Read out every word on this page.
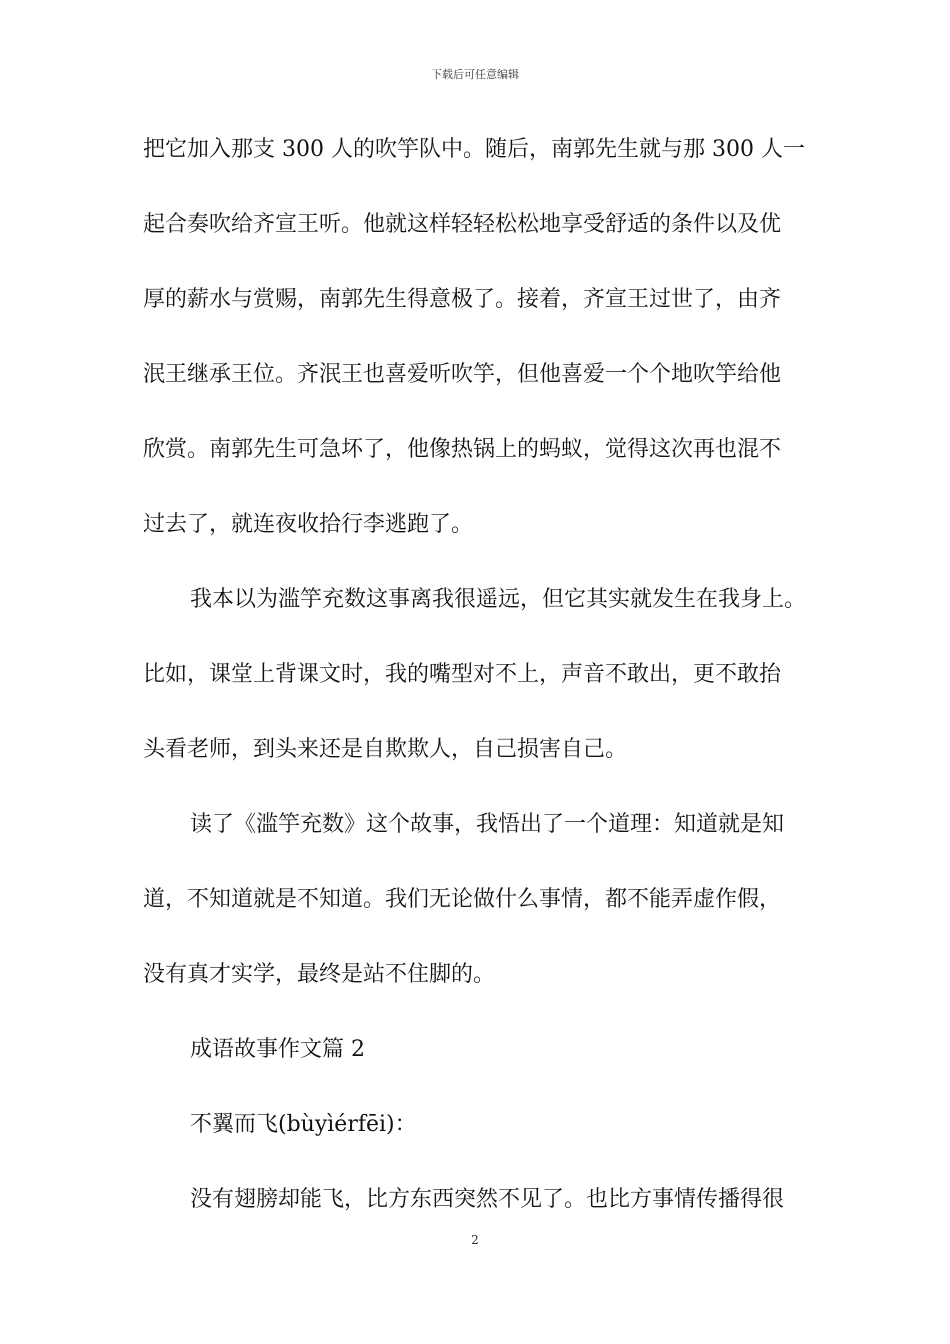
下载后可任意编辑
把它加入那支 300 人的吹竽队中。随后，南郭先生就与那 300 人一
起合奏吹给齐宣王听。他就这样轻轻松松地享受舒适的条件以及优
厚的薪水与赏赐，南郭先生得意极了。接着，齐宣王过世了，由齐
泯王继承王位。齐泯王也喜爱听吹竽，但他喜爱一个个地吹竽给他
欣赏。南郭先生可急坏了，他像热锅上的蚂蚁，觉得这次再也混不
过去了，就连夜收拾行李逃跑了。
我本以为滥竽充数这事离我很遥远，但它其实就发生在我身上。
比如，课堂上背课文时，我的嘴型对不上，声音不敢出，更不敢抬
头看老师，到头来还是自欺欺人，自己损害自己。
读了《滥竽充数》这个故事，我悟出了一个道理：知道就是知
道，不知道就是不知道。我们无论做什么事情，都不能弄虚作假，
没有真才实学，最终是站不住脚的。
成语故事作文篇 2
不翼而飞(bùyìérfēi)：
没有翅膀却能飞，比方东西突然不见了。也比方事情传播得很
2
